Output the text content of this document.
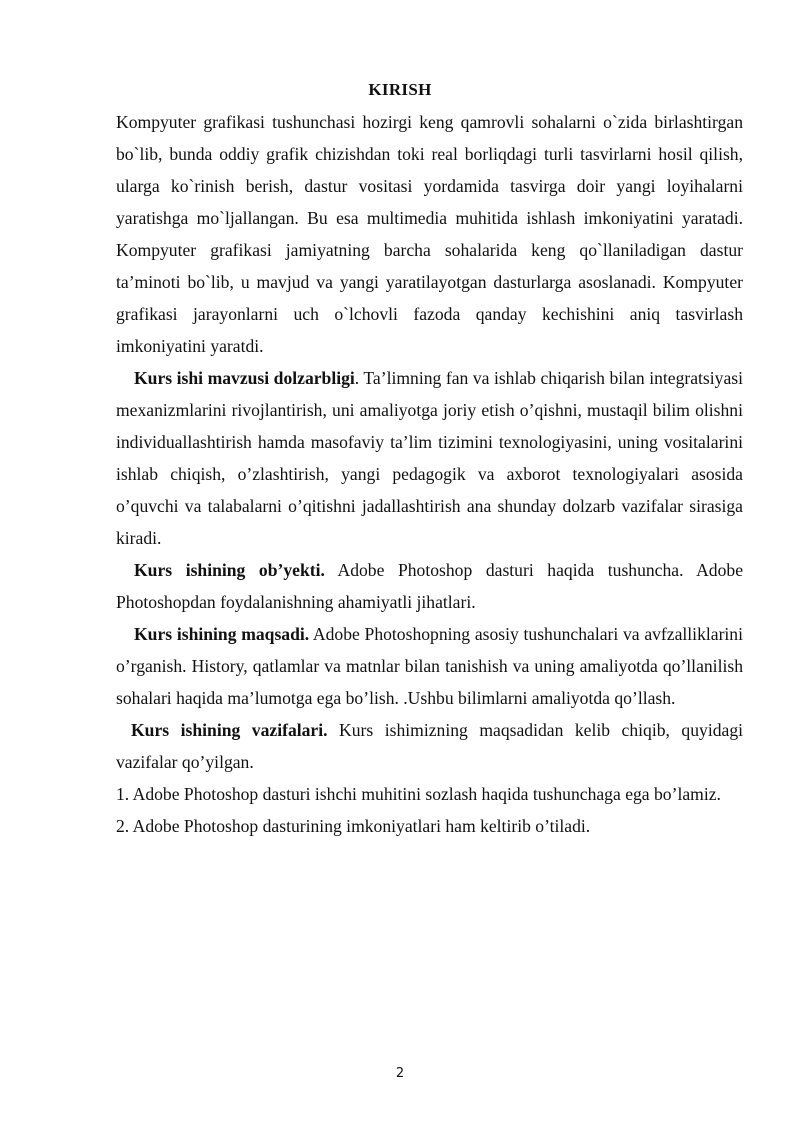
KIRISH

Kompyuter grafikasi tushunchasi hozirgi keng qamrovli sohalarni o`zida birlashtirgan bo`lib, bunda oddiy grafik chizishdan toki real borliqdagi turli tasvirlarni hosil qilish, ularga ko`rinish berish, dastur vositasi yordamida tasvirga doir yangi loyihalarni yaratishga mo`ljallangan. Bu esa multimedia muhitida ishlash imkoniyatini yaratadi. Kompyuter grafikasi jamiyatning barcha sohalarida keng qo`llaniladigan dastur ta’minoti bo`lib, u mavjud va yangi yaratilayotgan dasturlarga asoslanadi. Kompyuter grafikasi jarayonlarni uch o`lchovli fazoda qanday kechishini aniq tasvirlash imkoniyatini yaratdi.

Kurs ishi mavzusi dolzarbligi. Ta’limning fan va ishlab chiqarish bilan integratsiyasi mexanizmlarini rivojlantirish, uni amaliyotga joriy etish o’qishni, mustaqil bilim olishni individuallashtirish hamda masofaviy ta’lim tizimini texnologiyasini, uning vositalarini ishlab chiqish, o’zlashtirish, yangi pedagogik va axborot texnologiyalari asosida o’quvchi va talabalarni o’qitishni jadallashtirish ana shunday dolzarb vazifalar sirasiga kiradi.

Kurs ishining ob’yekti. Adobe Photoshop dasturi haqida tushuncha. Adobe Photoshopdan foydalanishning ahamiyatli jihatlari.

Kurs ishining maqsadi. Adobe Photoshopning asosiy tushunchalari va avfzalliklarini o’rganish. History, qatlamlar va matnlar bilan tanishish va uning amaliyotda qo’llanilish sohalari haqida ma’lumotga ega bo’lish. .Ushbu bilimlarni amaliyotda qo’llash.

Kurs ishining vazifalari. Kurs ishimizning maqsadidan kelib chiqib, quyidagi vazifalar qo’yilgan.

1. Adobe Photoshop dasturi ishchi muhitini sozlash haqida tushunchaga ega bo’lamiz.

2. Adobe Photoshop dasturining imkoniyatlari ham keltirib o’tiladi.

2
